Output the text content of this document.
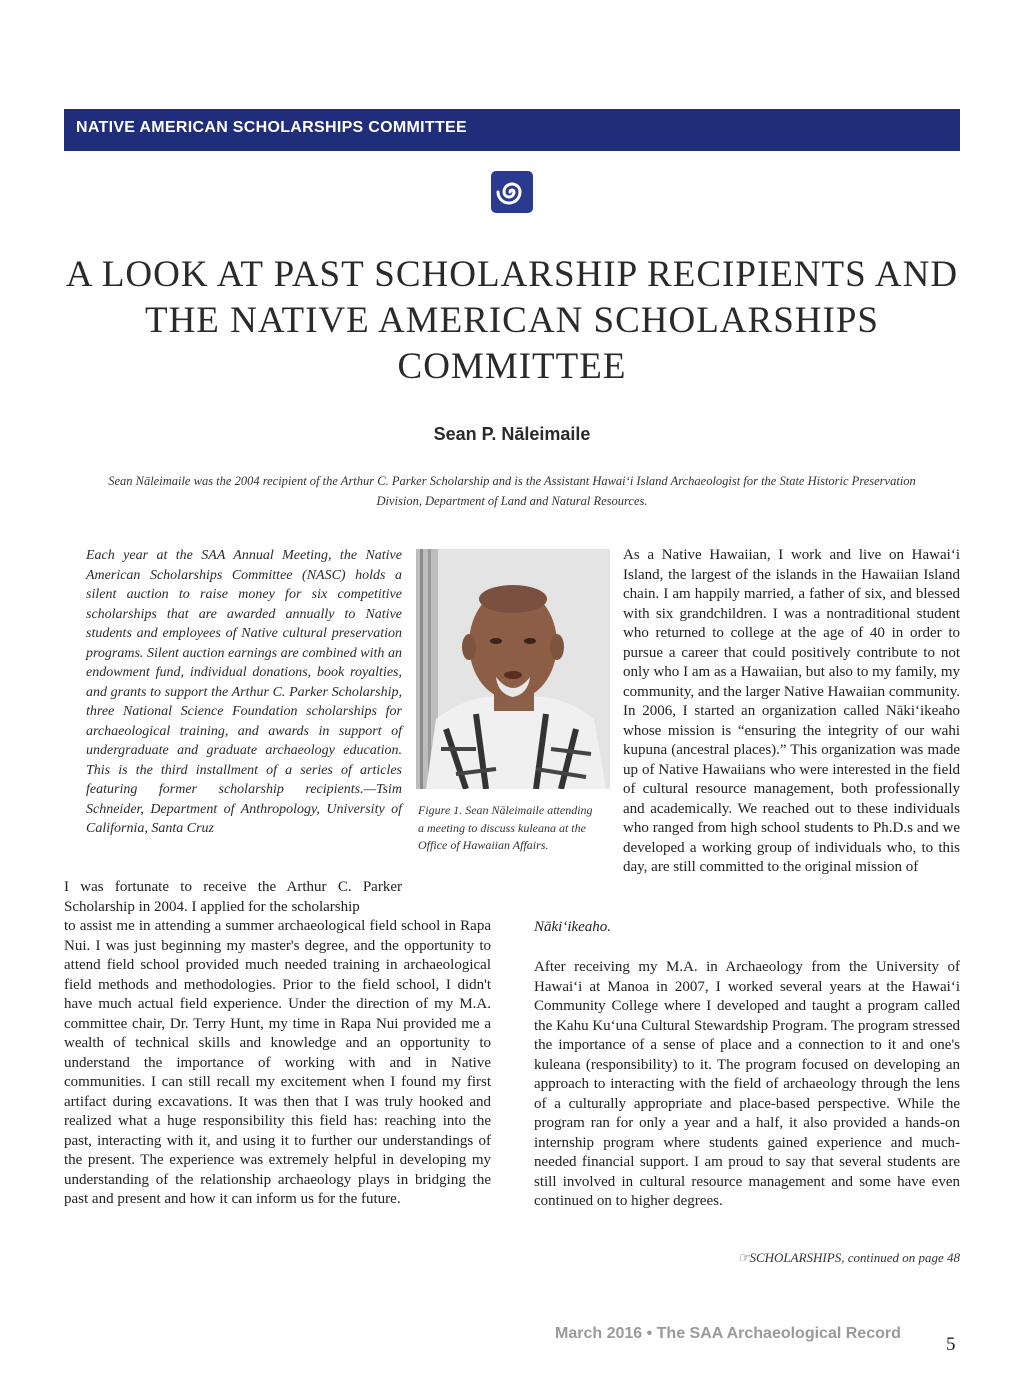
NATIVE AMERICAN SCHOLARSHIPS COMMITTEE
A LOOK AT PAST SCHOLARSHIP RECIPIENTS AND THE NATIVE AMERICAN SCHOLARSHIPS COMMITTEE
Sean P. Nāleimaile
Sean Nāleimaile was the 2004 recipient of the Arthur C. Parker Scholarship and is the Assistant Hawaiʻi Island Archaeologist for the State Historic Preservation Division, Department of Land and Natural Resources.
Each year at the SAA Annual Meeting, the Native American Scholarships Committee (NASC) holds a silent auction to raise money for six competitive scholarships that are awarded annually to Native students and employees of Native cultural preservation programs. Silent auction earnings are combined with an endowment fund, individual donations, book royalties, and grants to support the Arthur C. Parker Scholarship, three National Science Foundation scholarships for archaeological training, and awards in support of undergraduate and graduate archaeology education. This is the third installment of a series of articles featuring former scholarship recipients.—Tsim Schneider, Department of Anthropology, University of California, Santa Cruz
Figure 1. Sean Nāleimaile attending a meeting to discuss kuleana at the Office of Hawaiian Affairs.

I was fortunate to receive the Arthur C. Parker Scholarship in 2004. I applied for the scholarship

to assist me in attending a summer archaeological field school in Rapa Nui. I was just beginning my master's degree, and the opportunity to attend field school provided much needed training in archaeological field methods and methodologies. Prior to the field school, I didn't have much actual field experience. Under the direction of my M.A. committee chair, Dr. Terry Hunt, my time in Rapa Nui provided me a wealth of technical skills and knowledge and an opportunity to understand the importance of working with and in Native communities. I can still recall my excitement when I found my first artifact during excavations. It was then that I was truly hooked and realized what a huge responsibility this field has: reaching into the past, interacting with it, and using it to further our understandings of the present. The experience was extremely helpful in developing my understanding of the relationship archaeology plays in bridging the past and present and how it can inform us for the future.

As a Native Hawaiian, I work and live on Hawaiʻi Island, the largest of the islands in the Hawaiian Island chain. I am happily married, a father of six, and blessed with six grandchildren. I was a nontraditional student who returned to college at the age of 40 in order to pursue a career that could positively contribute to not only who I am as a Hawaiian, but also to my family, my community, and the larger Native Hawaiian community. In 2006, I started an organization called Nākiʻikeaho whose mission is “ensuring the integrity of our wahi kupuna (ancestral places).” This organization was made up of Native Hawaiians who were interested in the field of cultural resource management, both professionally and academically. We reached out to these individuals who ranged from high school students to Ph.D.s and we developed a working group of individuals who, to this day, are still committed to the original mission of

Nākiʻikeaho.

After receiving my M.A. in Archaeology from the University of Hawaiʻi at Manoa in 2007, I worked several years at the Hawaiʻi Community College where I developed and taught a program called the Kahu Kuʻuna Cultural Stewardship Program. The program stressed the importance of a sense of place and a connection to it and one's kuleana (responsibility) to it. The program focused on developing an approach to interacting with the field of archaeology through the lens of a culturally appropriate and place-based perspective. While the program ran for only a year and a half, it also provided a hands-on internship program where students gained experience and much-needed financial support. I am proud to say that several students are still involved in cultural resource management and some have even continued on to higher degrees.

☞SCHOLARSHIPS, continued on page 48
March 2016 • The SAA Archaeological Record
5
